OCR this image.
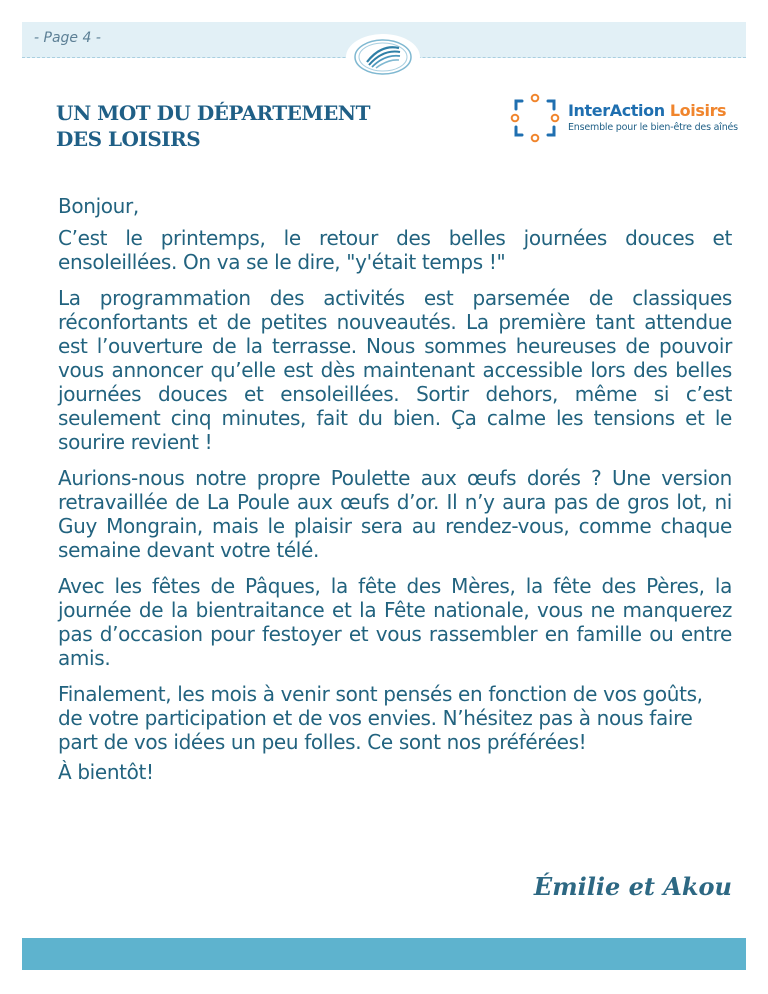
- Page 4 -
UN MOT DU DÉPARTEMENT
DES LOISIRS
InterAction Loisirs
Ensemble pour le bien-être des aînés

Bonjour,

C’est le printemps, le retour des belles journées douces et ensoleillées. On va se le dire, "y'était temps !"

La programmation des activités est parsemée de classiques réconfortants et de petites nouveautés. La première tant attendue est l’ouverture de la terrasse. Nous sommes heureuses de pouvoir vous annoncer qu’elle est dès maintenant accessible lors des belles journées douces et ensoleillées. Sortir dehors, même si c’est seulement cinq minutes, fait du bien. Ça calme les tensions et le sourire revient !

Aurions-nous notre propre Poulette aux œufs dorés ? Une version retravaillée de La Poule aux œufs d’or. Il n’y aura pas de gros lot, ni Guy Mongrain, mais le plaisir sera au rendez-vous, comme chaque semaine devant votre télé.

Avec les fêtes de Pâques, la fête des Mères, la fête des Pères, la journée de la bientraitance et la Fête nationale, vous ne manquerez pas d’occasion pour festoyer et vous rassembler en famille ou entre amis.

Finalement, les mois à venir sont pensés en fonction de vos goûts, de votre participation et de vos envies. N’hésitez pas à nous faire part de vos idées un peu folles. Ce sont nos préférées!

À bientôt!

Émilie et Akou
